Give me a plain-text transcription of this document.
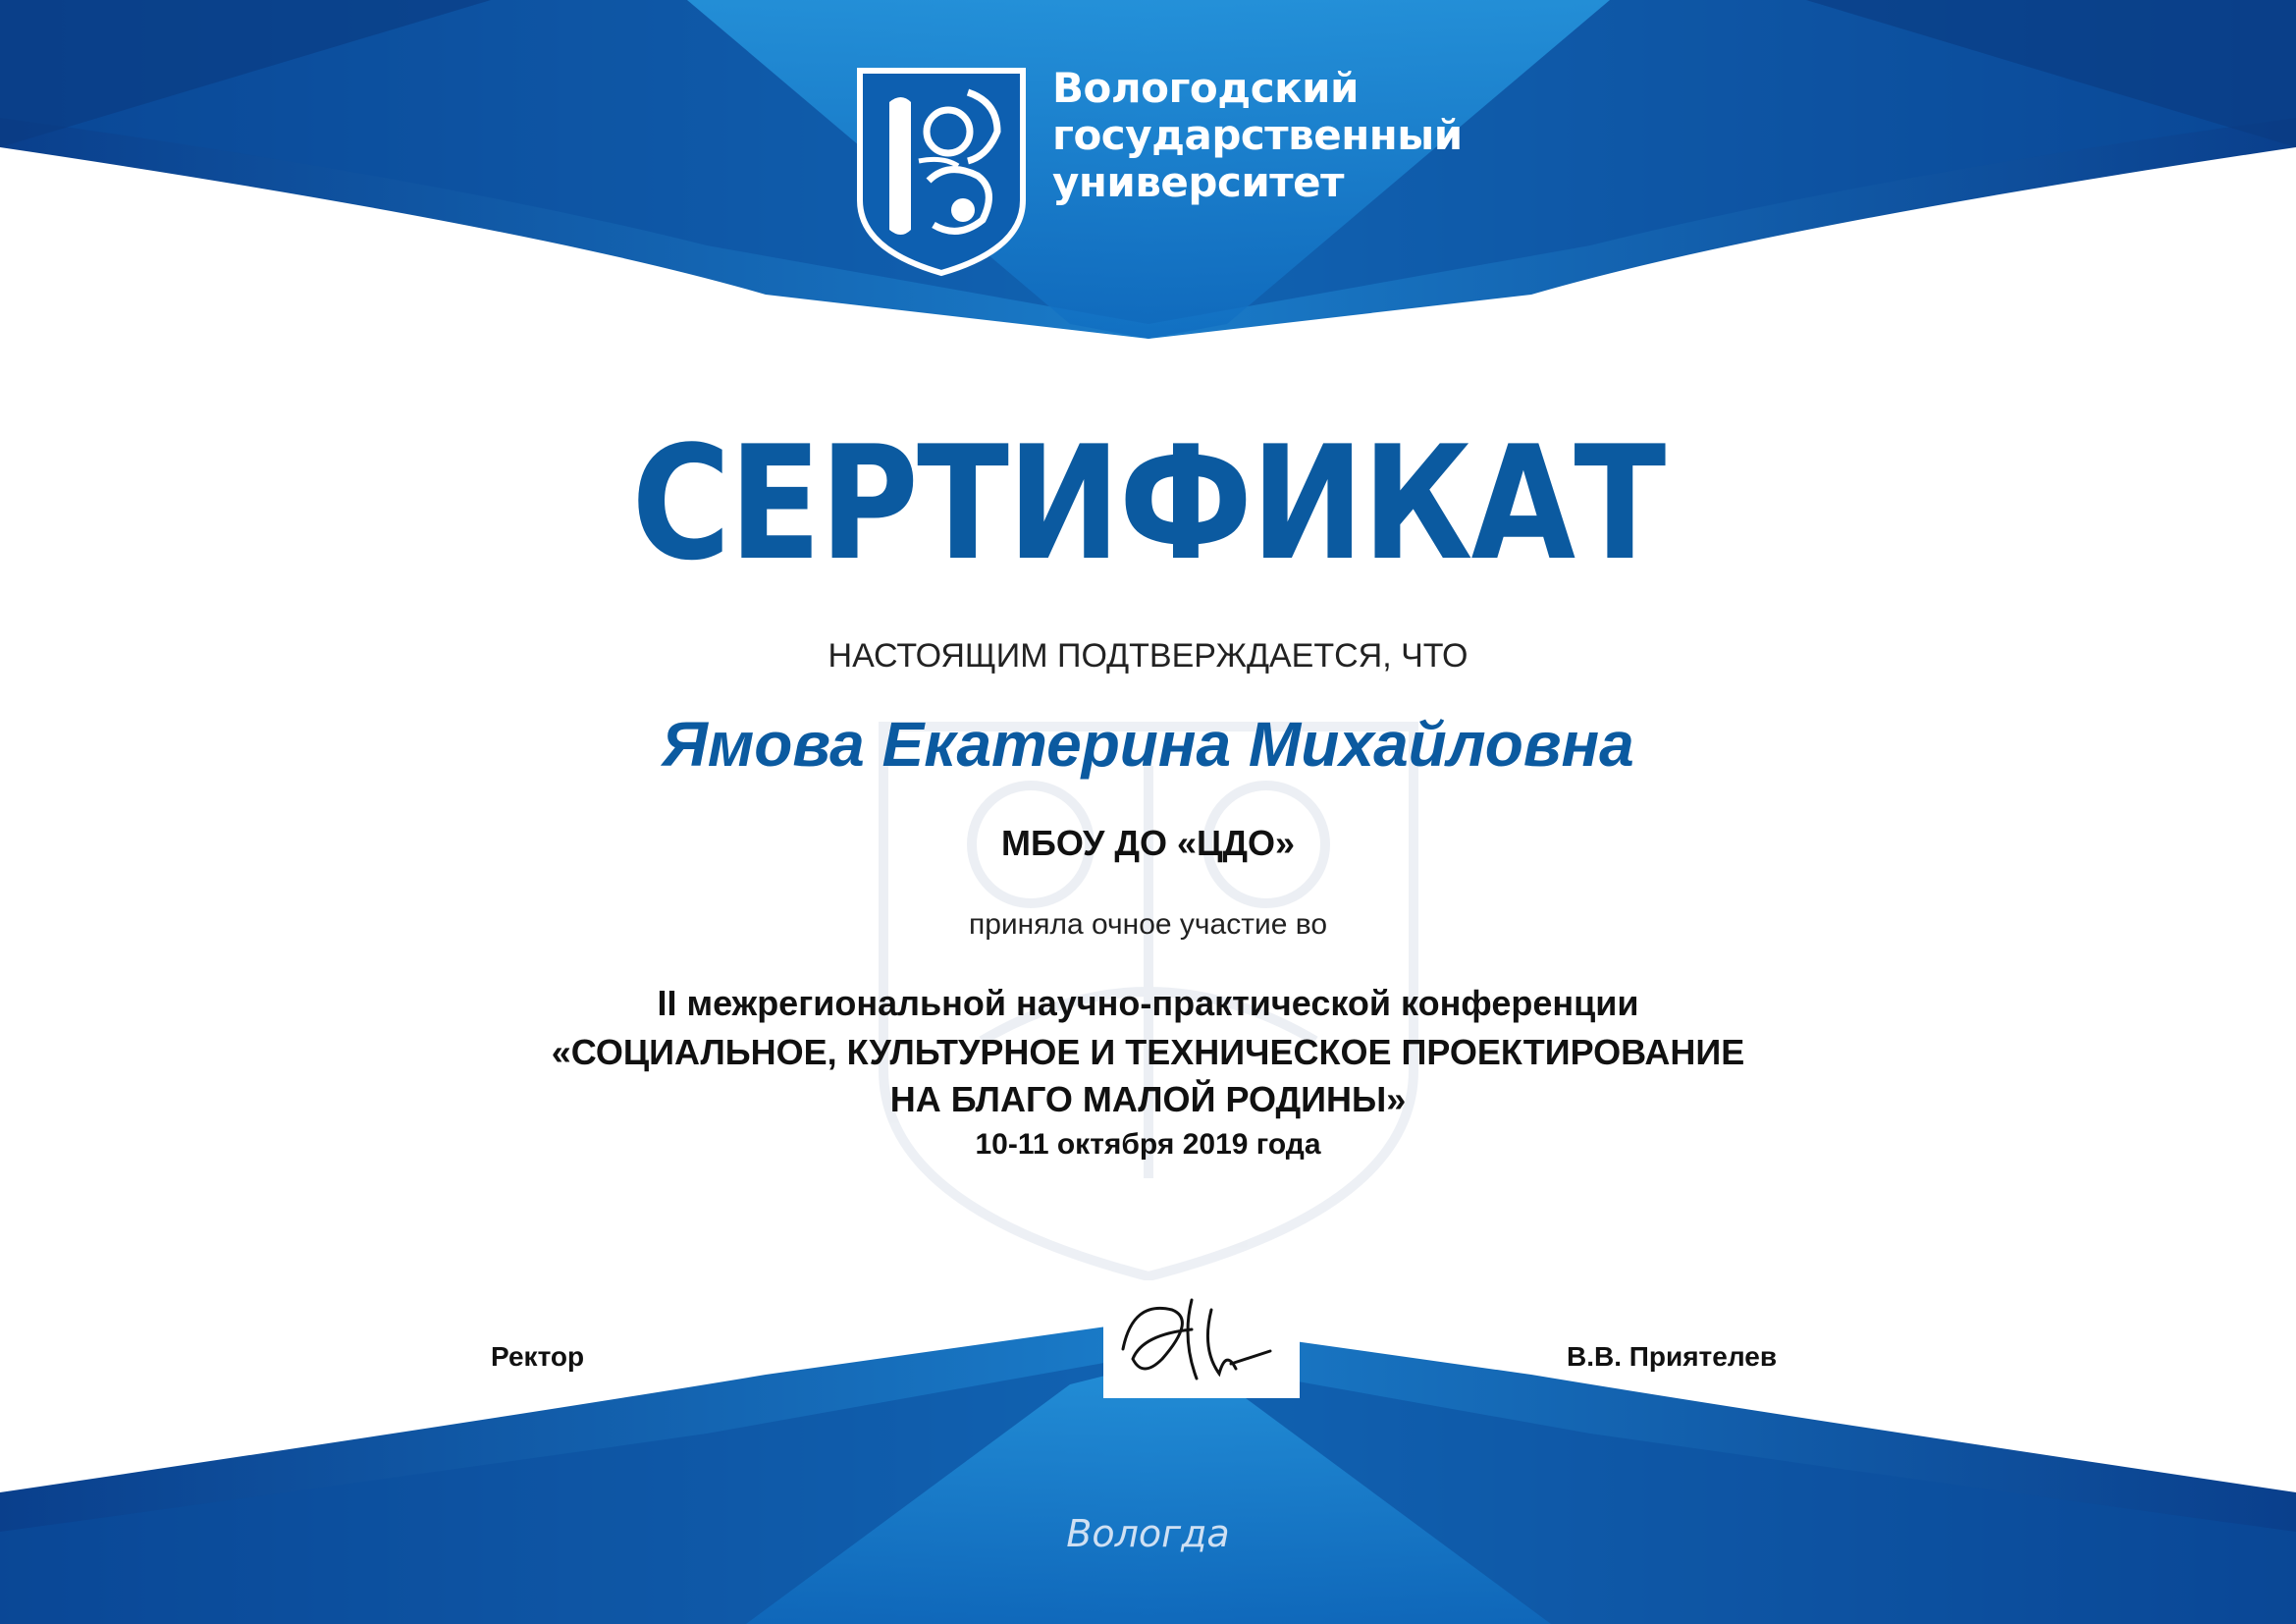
Вологодский
государственный
университет
СЕРТИФИКАТ
НАСТОЯЩИМ ПОДТВЕРЖДАЕТСЯ, ЧТО
Ямова Екатерина Михайловна
МБОУ ДО «ЦДО»
приняла очное участие во
II межрегиональной научно-практической конференции
«СОЦИАЛЬНОЕ, КУЛЬТУРНОЕ И ТЕХНИЧЕСКОЕ ПРОЕКТИРОВАНИЕ
НА БЛАГО МАЛОЙ РОДИНЫ»
10-11 октября 2019 года
Ректор	В.В. Приятелев
Вологда
